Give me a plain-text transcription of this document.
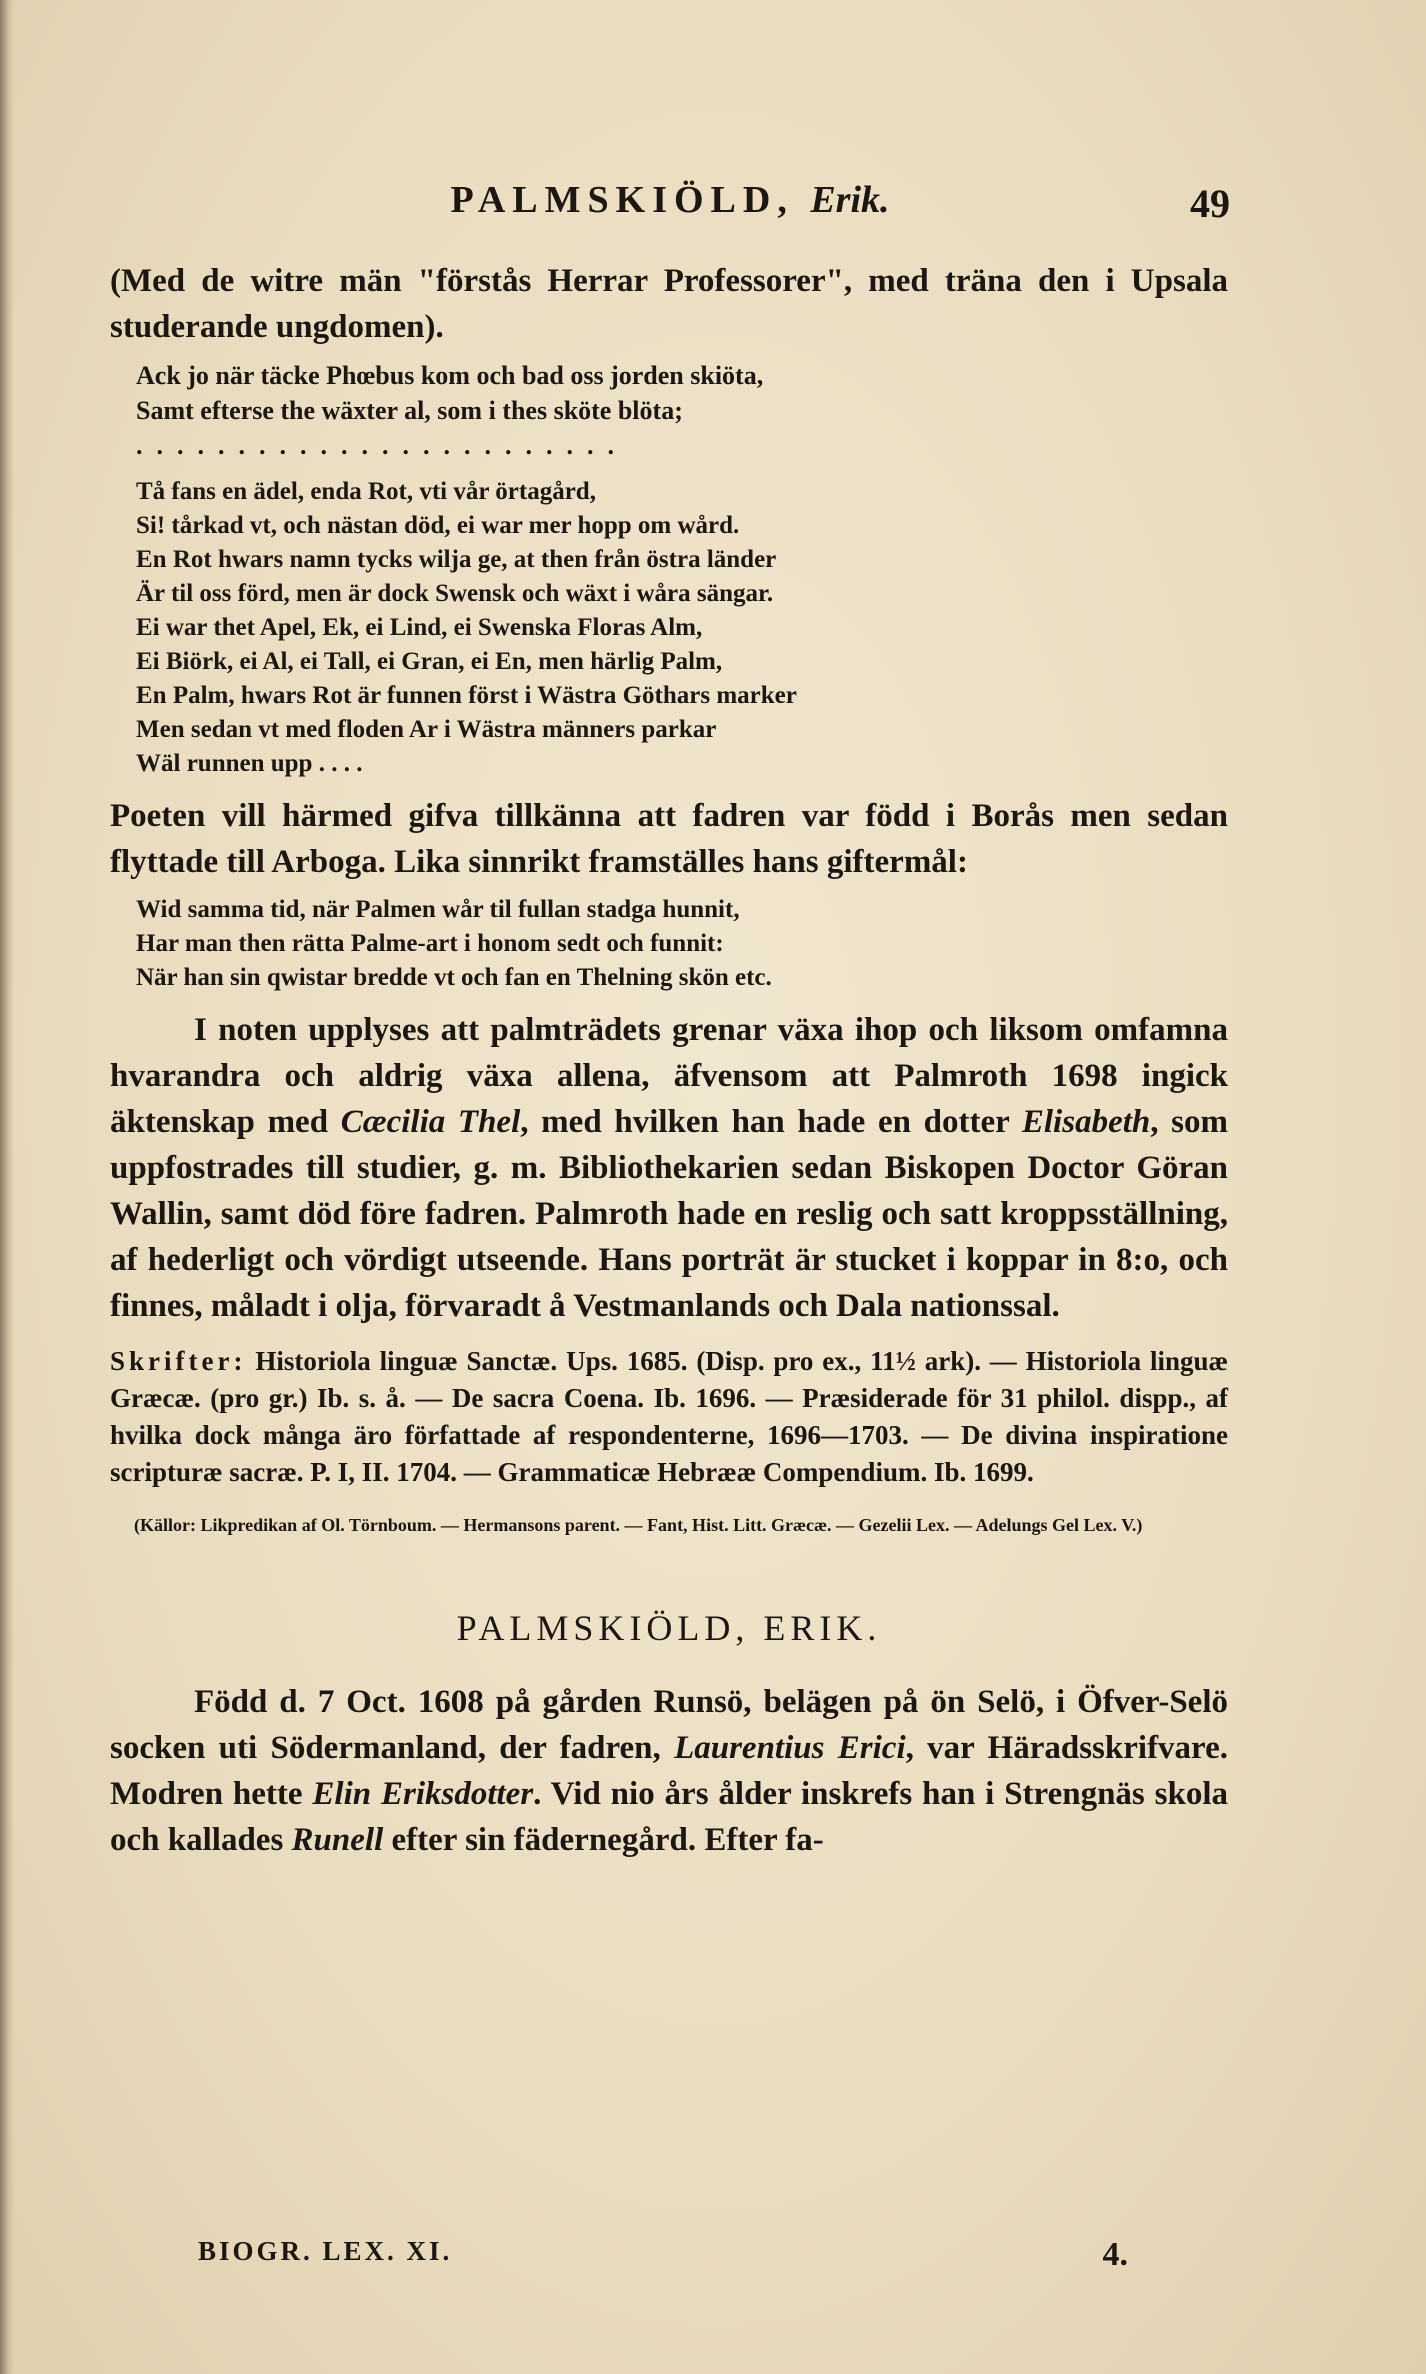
PALMSKIÖLD, Erik.	49

(Med de witre män "förstås Herrar Professorer", med träna den i Upsala studerande ungdomen).

Ack jo när täcke Phœbus kom och bad oss jorden skiöta,
Samt efterse the wäxter al, som i thes sköte blöta;
........................
Tå fans en ädel, enda Rot, vti vår örtagård,
Si! tårkad vt, och nästan död, ei war mer hopp om wård.
En Rot hwars namn tycks wilja ge, at then från östra länder
Är til oss förd, men är dock Swensk och wäxt i wåra sängar.
Ei war thet Apel, Ek, ei Lind, ei Swenska Floras Alm,
Ei Biörk, ei Al, ei Tall, ei Gran, ei En, men härlig Palm,
En Palm, hwars Rot är funnen först i Wästra Göthars marker
Men sedan vt med floden Ar i Wästra männers parkar
Wäl runnen upp . . . .

Poeten vill härmed gifva tillkänna att fadren var född i Borås men sedan flyttade till Arboga. Lika sinnrikt framställes hans giftermål:

Wid samma tid, när Palmen wår til fullan stadga hunnit,
Har man then rätta Palme-art i honom sedt och funnit:
När han sin qwistar bredde vt och fan en Thelning skön etc.

I noten upplyses att palmträdets grenar växa ihop och liksom omfamna hvarandra och aldrig växa allena, äfvensom att Palmroth 1698 ingick äktenskap med Cæcilia Thel, med hvilken han hade en dotter Elisabeth, som uppfostrades till studier, g. m. Bibliothekarien sedan Biskopen Doctor Göran Wallin, samt död före fadren. Palmroth hade en reslig och satt kroppsställning, af hederligt och vördigt utseende. Hans porträt är stucket i koppar in 8:o, och finnes, måladt i olja, förvaradt å Vestmanlands och Dala nationssal.

Skrifter: Historiola linguæ Sanctæ. Ups. 1685. (Disp. pro ex., 11½ ark). — Historiola linguæ Græcæ. (pro gr.) Ib. s. å. — De sacra Coena. Ib. 1696. — Præsiderade för 31 philol. dispp., af hvilka dock många äro författade af respondenterne, 1696—1703. — De divina inspiratione scripturæ sacræ. P. I, II. 1704. — Grammaticæ Hebrææ Compendium. Ib. 1699.

(Källor: Likpredikan af Ol. Törnboum. — Hermansons parent. — Fant, Hist. Litt. Græcæ. — Gezelii Lex. — Adelungs Gel Lex. V.)

PALMSKIÖLD, ERIK.

Född d. 7 Oct. 1608 på gården Runsö, belägen på ön Selö, i Öfver-Selö socken uti Södermanland, der fadren, Laurentius Erici, var Häradsskrifvare. Modren hette Elin Eriksdotter. Vid nio års ålder inskrefs han i Strengnäs skola och kallades Runell efter sin fädernegård. Efter fa-

BIOGR. LEX. XI.	4.
